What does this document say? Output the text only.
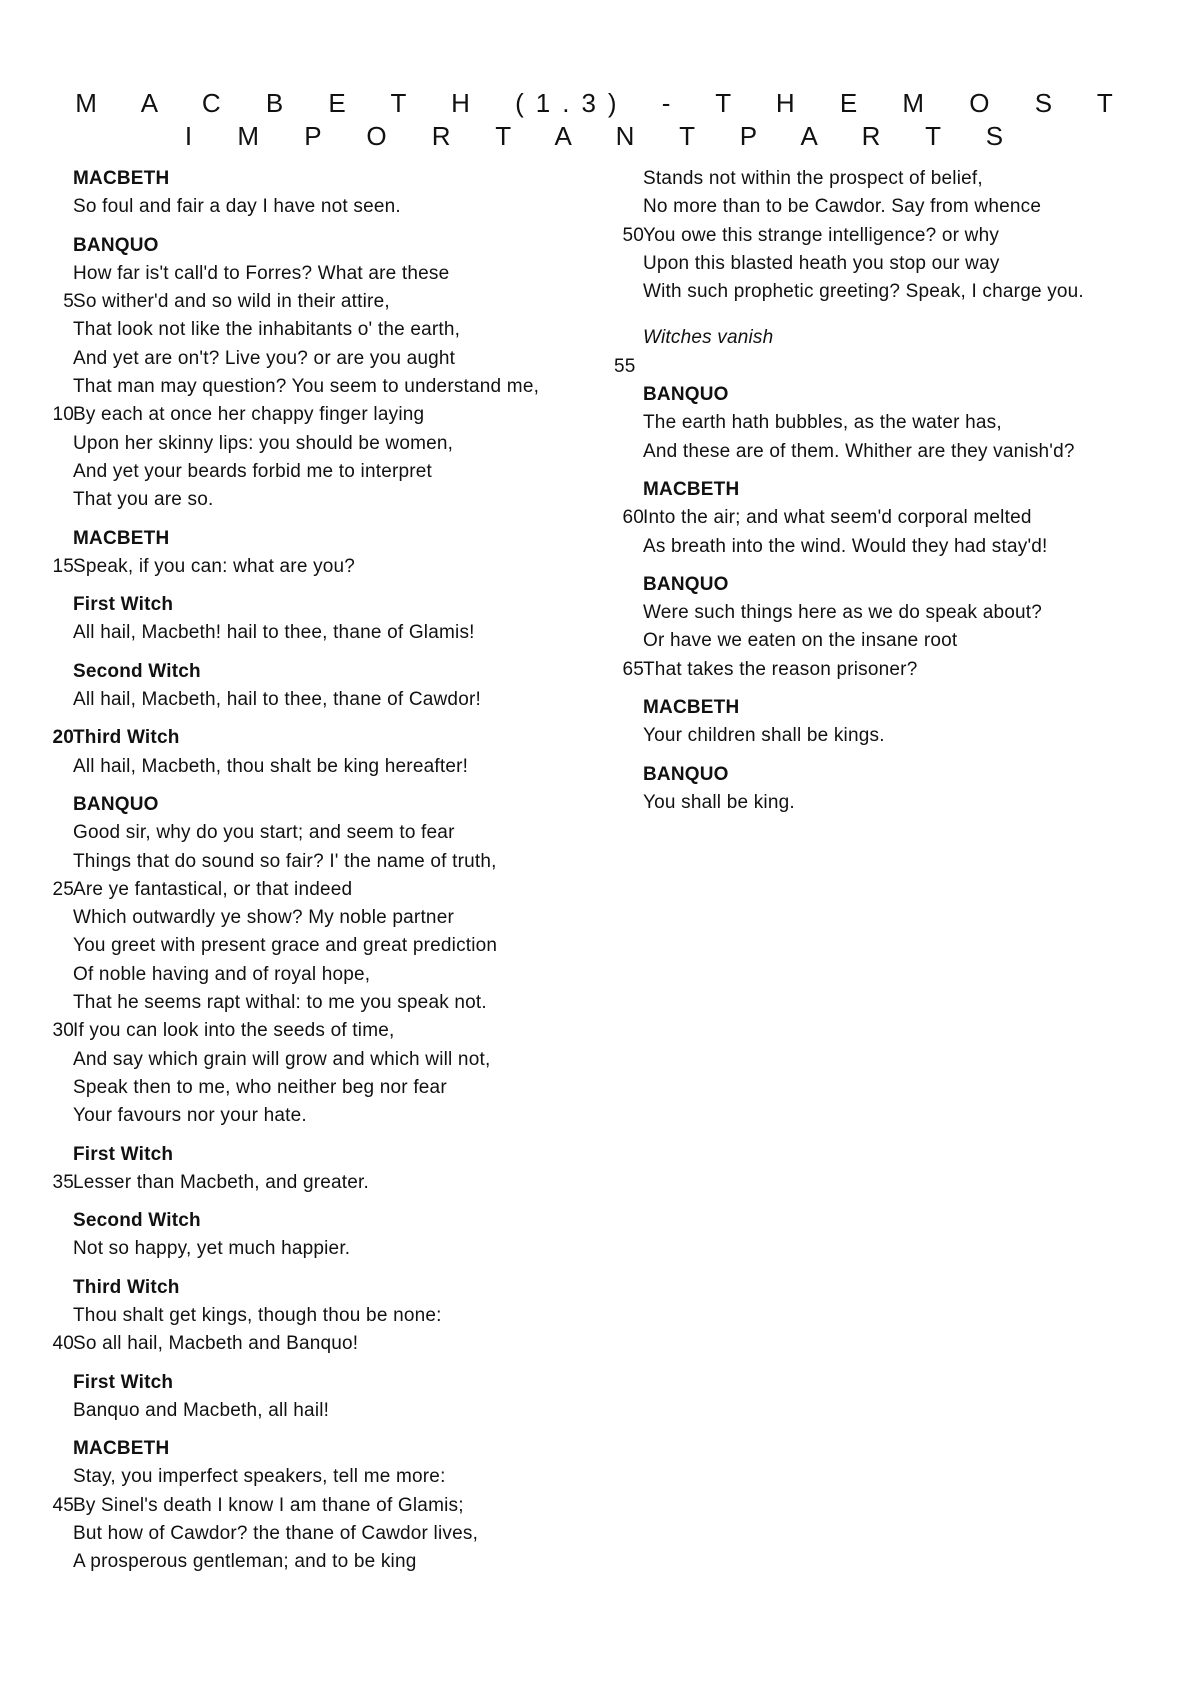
M A C B E T H (1.3) - T H E M O S T I M P O R T A N T P A R T S
MACBETH
So foul and fair a day I have not seen.
BANQUO
How far is't call'd to Forres? What are these
5 So wither'd and so wild in their attire,
That look not like the inhabitants o' the earth,
And yet are on't? Live you? or are you aught
That man may question? You seem to understand me,
10 By each at once her chappy finger laying
Upon her skinny lips: you should be women,
And yet your beards forbid me to interpret
That you are so.
MACBETH
15 Speak, if you can: what are you?
First Witch
All hail, Macbeth! hail to thee, thane of Glamis!
Second Witch
All hail, Macbeth, hail to thee, thane of Cawdor!
20 Third Witch
All hail, Macbeth, thou shalt be king hereafter!
BANQUO
Good sir, why do you start; and seem to fear
Things that do sound so fair? I' the name of truth,
25 Are ye fantastical, or that indeed
Which outwardly ye show? My noble partner
You greet with present grace and great prediction
Of noble having and of royal hope,
That he seems rapt withal: to me you speak not.
30 If you can look into the seeds of time,
And say which grain will grow and which will not,
Speak then to me, who neither beg nor fear
Your favours nor your hate.
First Witch
35 Lesser than Macbeth, and greater.
Second Witch
Not so happy, yet much happier.
Third Witch
Thou shalt get kings, though thou be none:
40 So all hail, Macbeth and Banquo!
First Witch
Banquo and Macbeth, all hail!
MACBETH
Stay, you imperfect speakers, tell me more:
45 By Sinel's death I know I am thane of Glamis;
But how of Cawdor? the thane of Cawdor lives,
A prosperous gentleman; and to be king
Stands not within the prospect of belief,
No more than to be Cawdor. Say from whence
50 You owe this strange intelligence? or why
Upon this blasted heath you stop our way
With such prophetic greeting? Speak, I charge you.
Witches vanish
55
BANQUO
The earth hath bubbles, as the water has,
And these are of them. Whither are they vanish'd?
MACBETH
60 Into the air; and what seem'd corporal melted
As breath into the wind. Would they had stay'd!
BANQUO
Were such things here as we do speak about?
Or have we eaten on the insane root
65 That takes the reason prisoner?
MACBETH
Your children shall be kings.
BANQUO
You shall be king.
